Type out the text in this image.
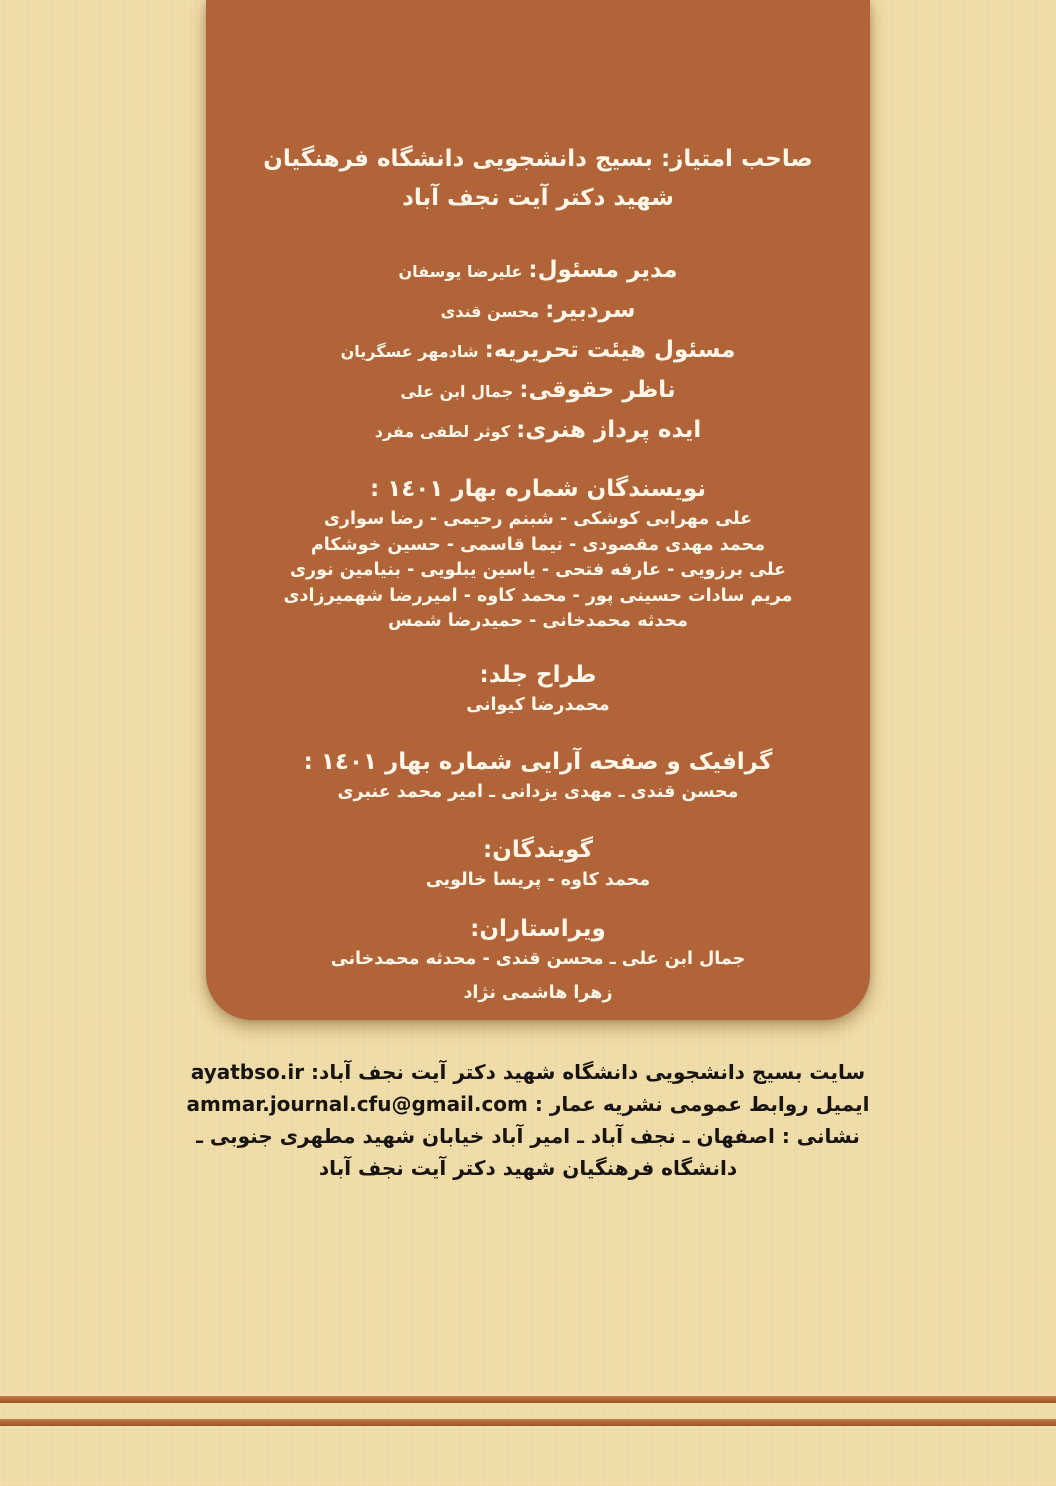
صاحب امتیاز: بسیج دانشجویی دانشگاه فرهنگیان
شهید دکتر آیت نجف آباد
مدیر مسئول:علیرضا یوسفان
سردبیر:محسن قندی
مسئول هیئت تحریریه:شادمهر عسگریان
ناظر حقوقی:جمال ابن علی
ایده پرداز هنری:کوثر لطفی مفرد
نویسندگان شماره بهار ١٤٠١ :
علی مهرابی کوشکی - شبنم رحیمی - رضا سواری
محمد مهدی مقصودی - نیما قاسمی - حسین خوشکام
علی برزویی - عارفه فتحی - یاسین یبلویی - بنیامین نوری
مریم سادات حسینی پور - محمد کاوه - امیررضا شهمیرزادی
محدثه محمدخانی - حمیدرضا شمس
طراح جلد:
محمدرضا کیوانی
گرافیک و صفحه آرایی شماره بهار ١٤٠١ :
محسن قندی ـ مهدی یزدانی ـ امیر محمد عنبری
گویندگان:
محمد کاوه - پریسا خالویی
ویراستاران:
جمال ابن علی ـ محسن قندی - محدثه محمدخانی
زهرا هاشمی نژاد
سایت بسیج دانشجویی دانشگاه شهید دکتر آیت نجف آباد: ayatbso.ir
ایمیل روابط عمومی نشریه عمار : ammar.journal.cfu@gmail.com
نشانی : اصفهان ـ نجف آباد ـ امیر آباد خیابان شهید مطهری جنوبی ـ
دانشگاه فرهنگیان شهید دکتر آیت نجف آباد
